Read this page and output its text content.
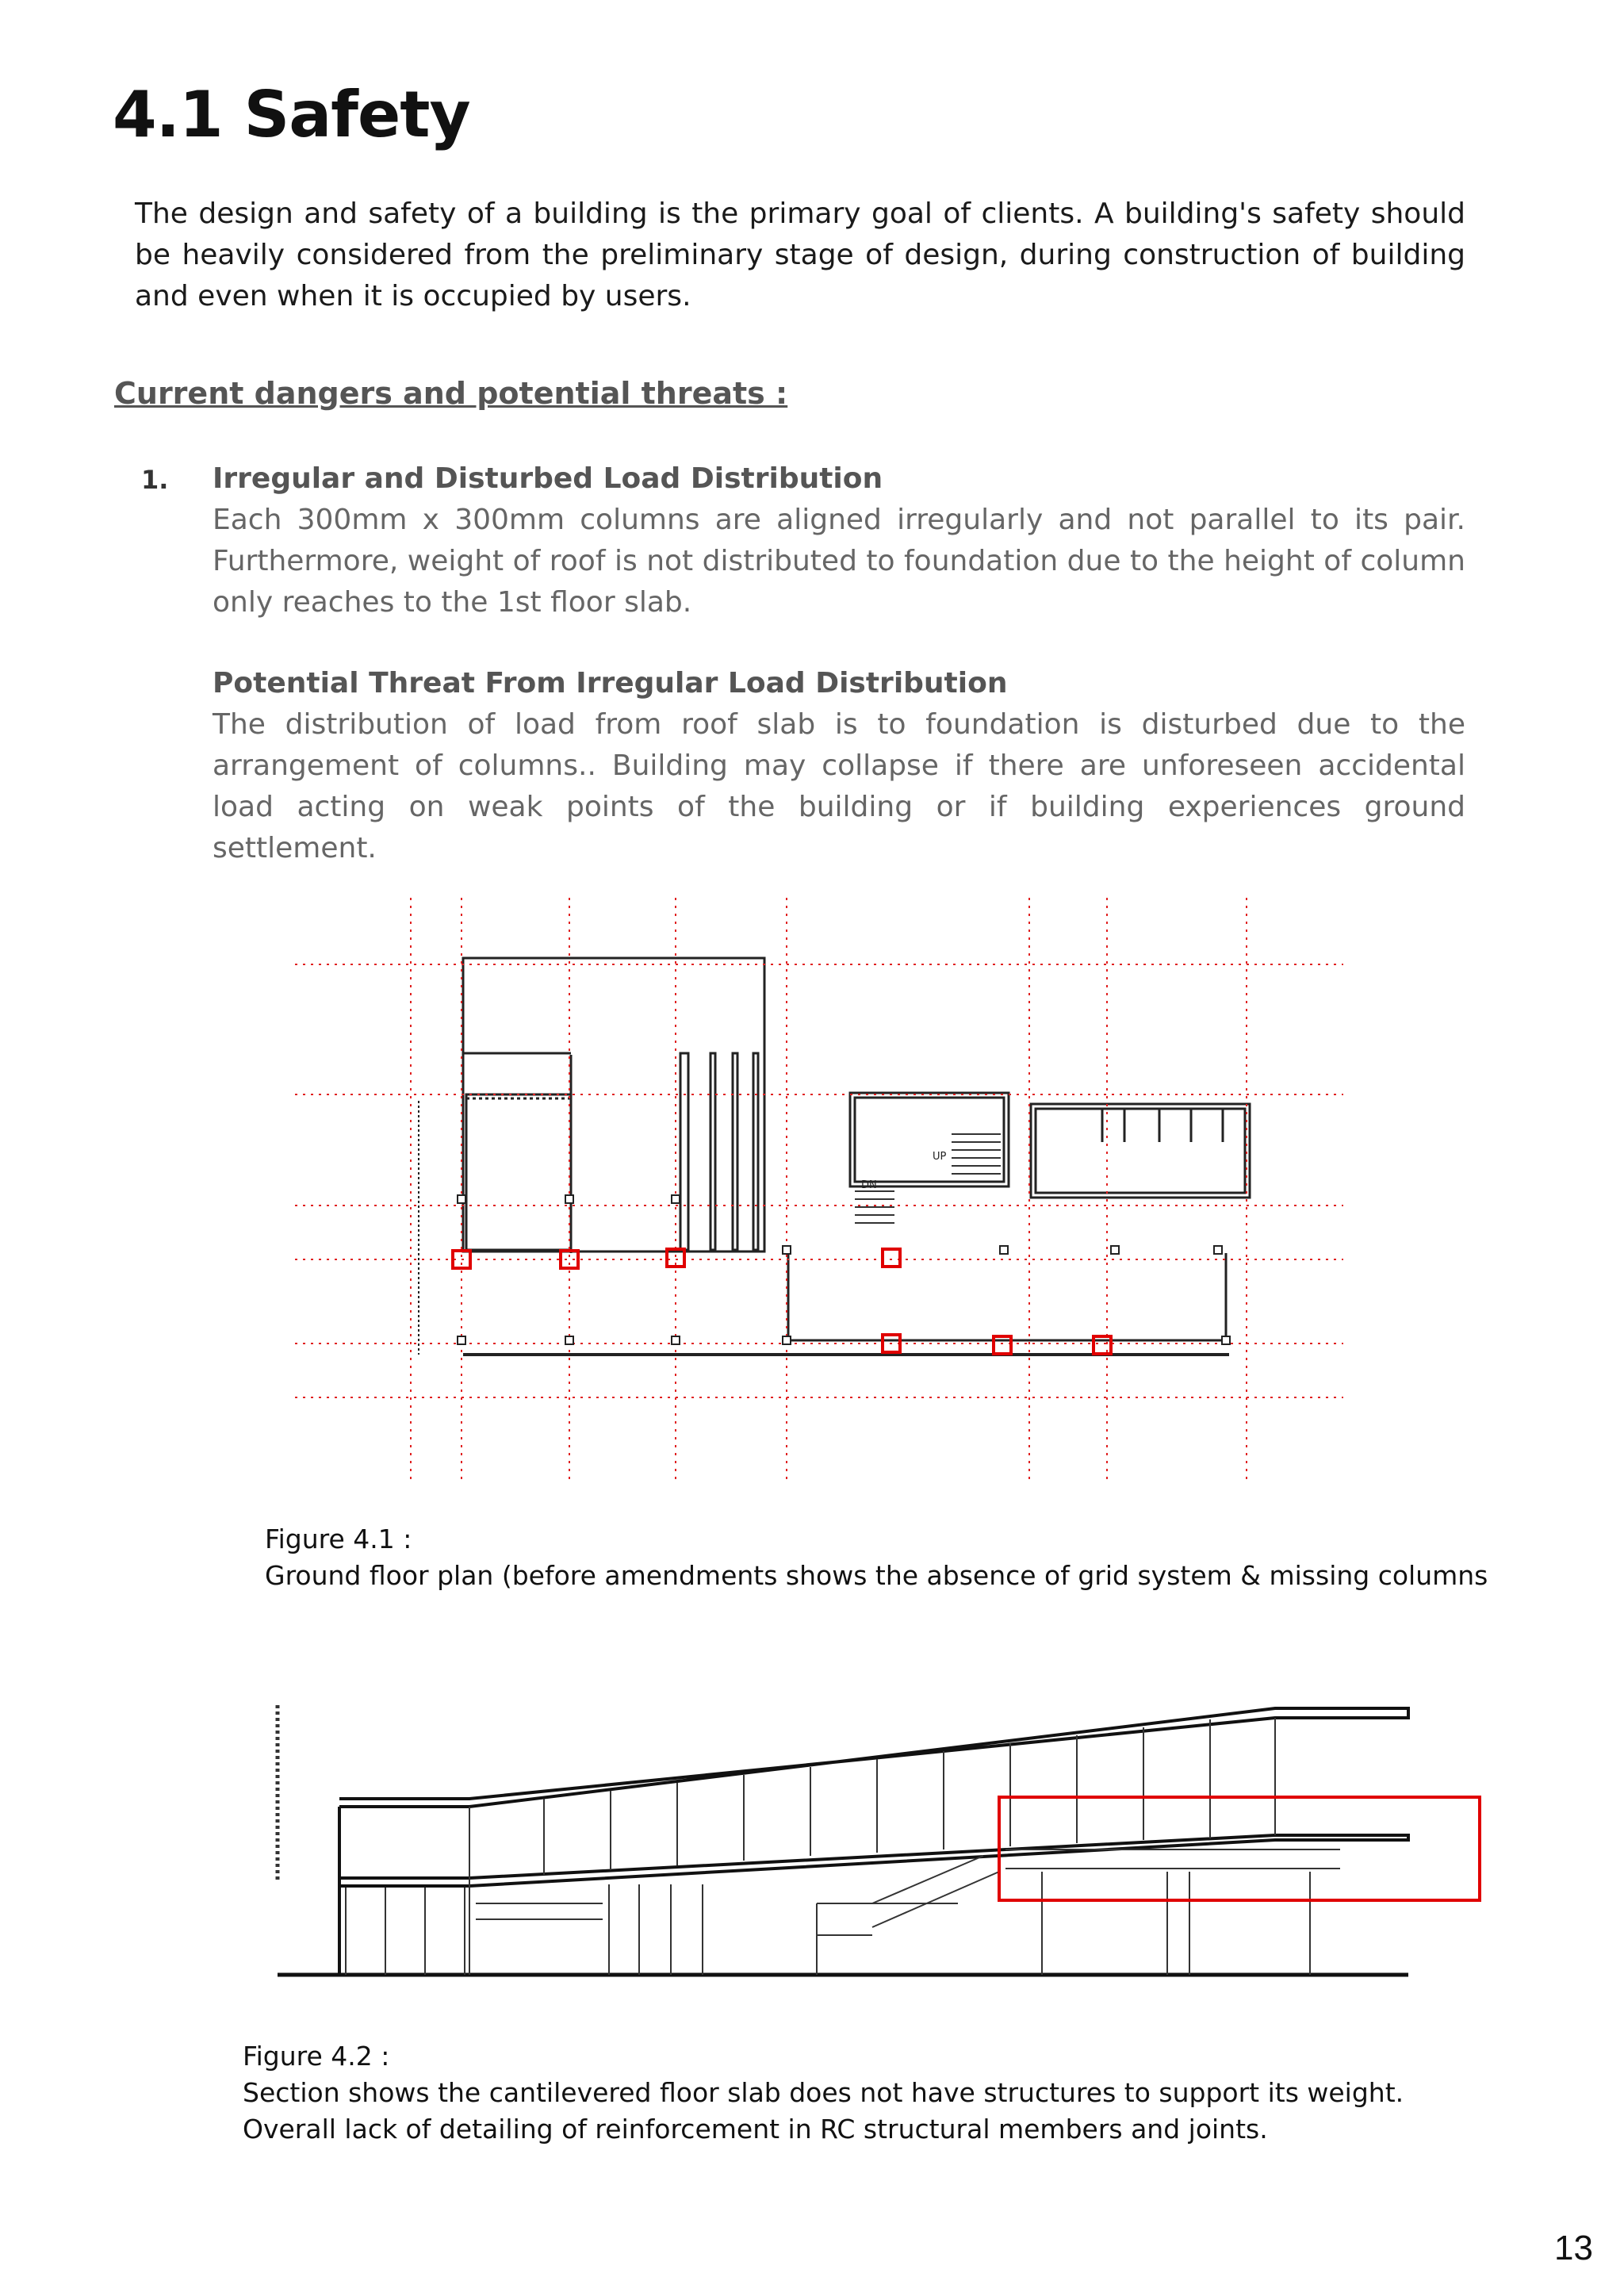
4.1 Safety

The design and safety of a building is the primary goal of clients. A building's safety should be heavily considered from the preliminary stage of design, during construction of building and even when it is occupied by users.

Current dangers and potential threats :
1. Irregular and Disturbed Load Distribution

Each 300mm x 300mm columns are aligned irregularly and not parallel to its pair. Furthermore, weight of roof is not distributed to foundation due to the height of column only reaches to the 1st floor slab.

Potential Threat From Irregular Load Distribution

The distribution of load from roof slab is to foundation is disturbed due to the arrangement of columns.. Building may collapse if there are unforeseen accidental load acting on weak points of the building or if building experiences ground settlement.

UP
DN
Figure 4.1 :
Ground floor plan (before amendments shows the absence of grid system & missing columns
Figure 4.2 :
Section shows the cantilevered floor slab does not have structures to support its weight.
Overall lack of detailing of reinforcement in RC structural members and joints.
13
